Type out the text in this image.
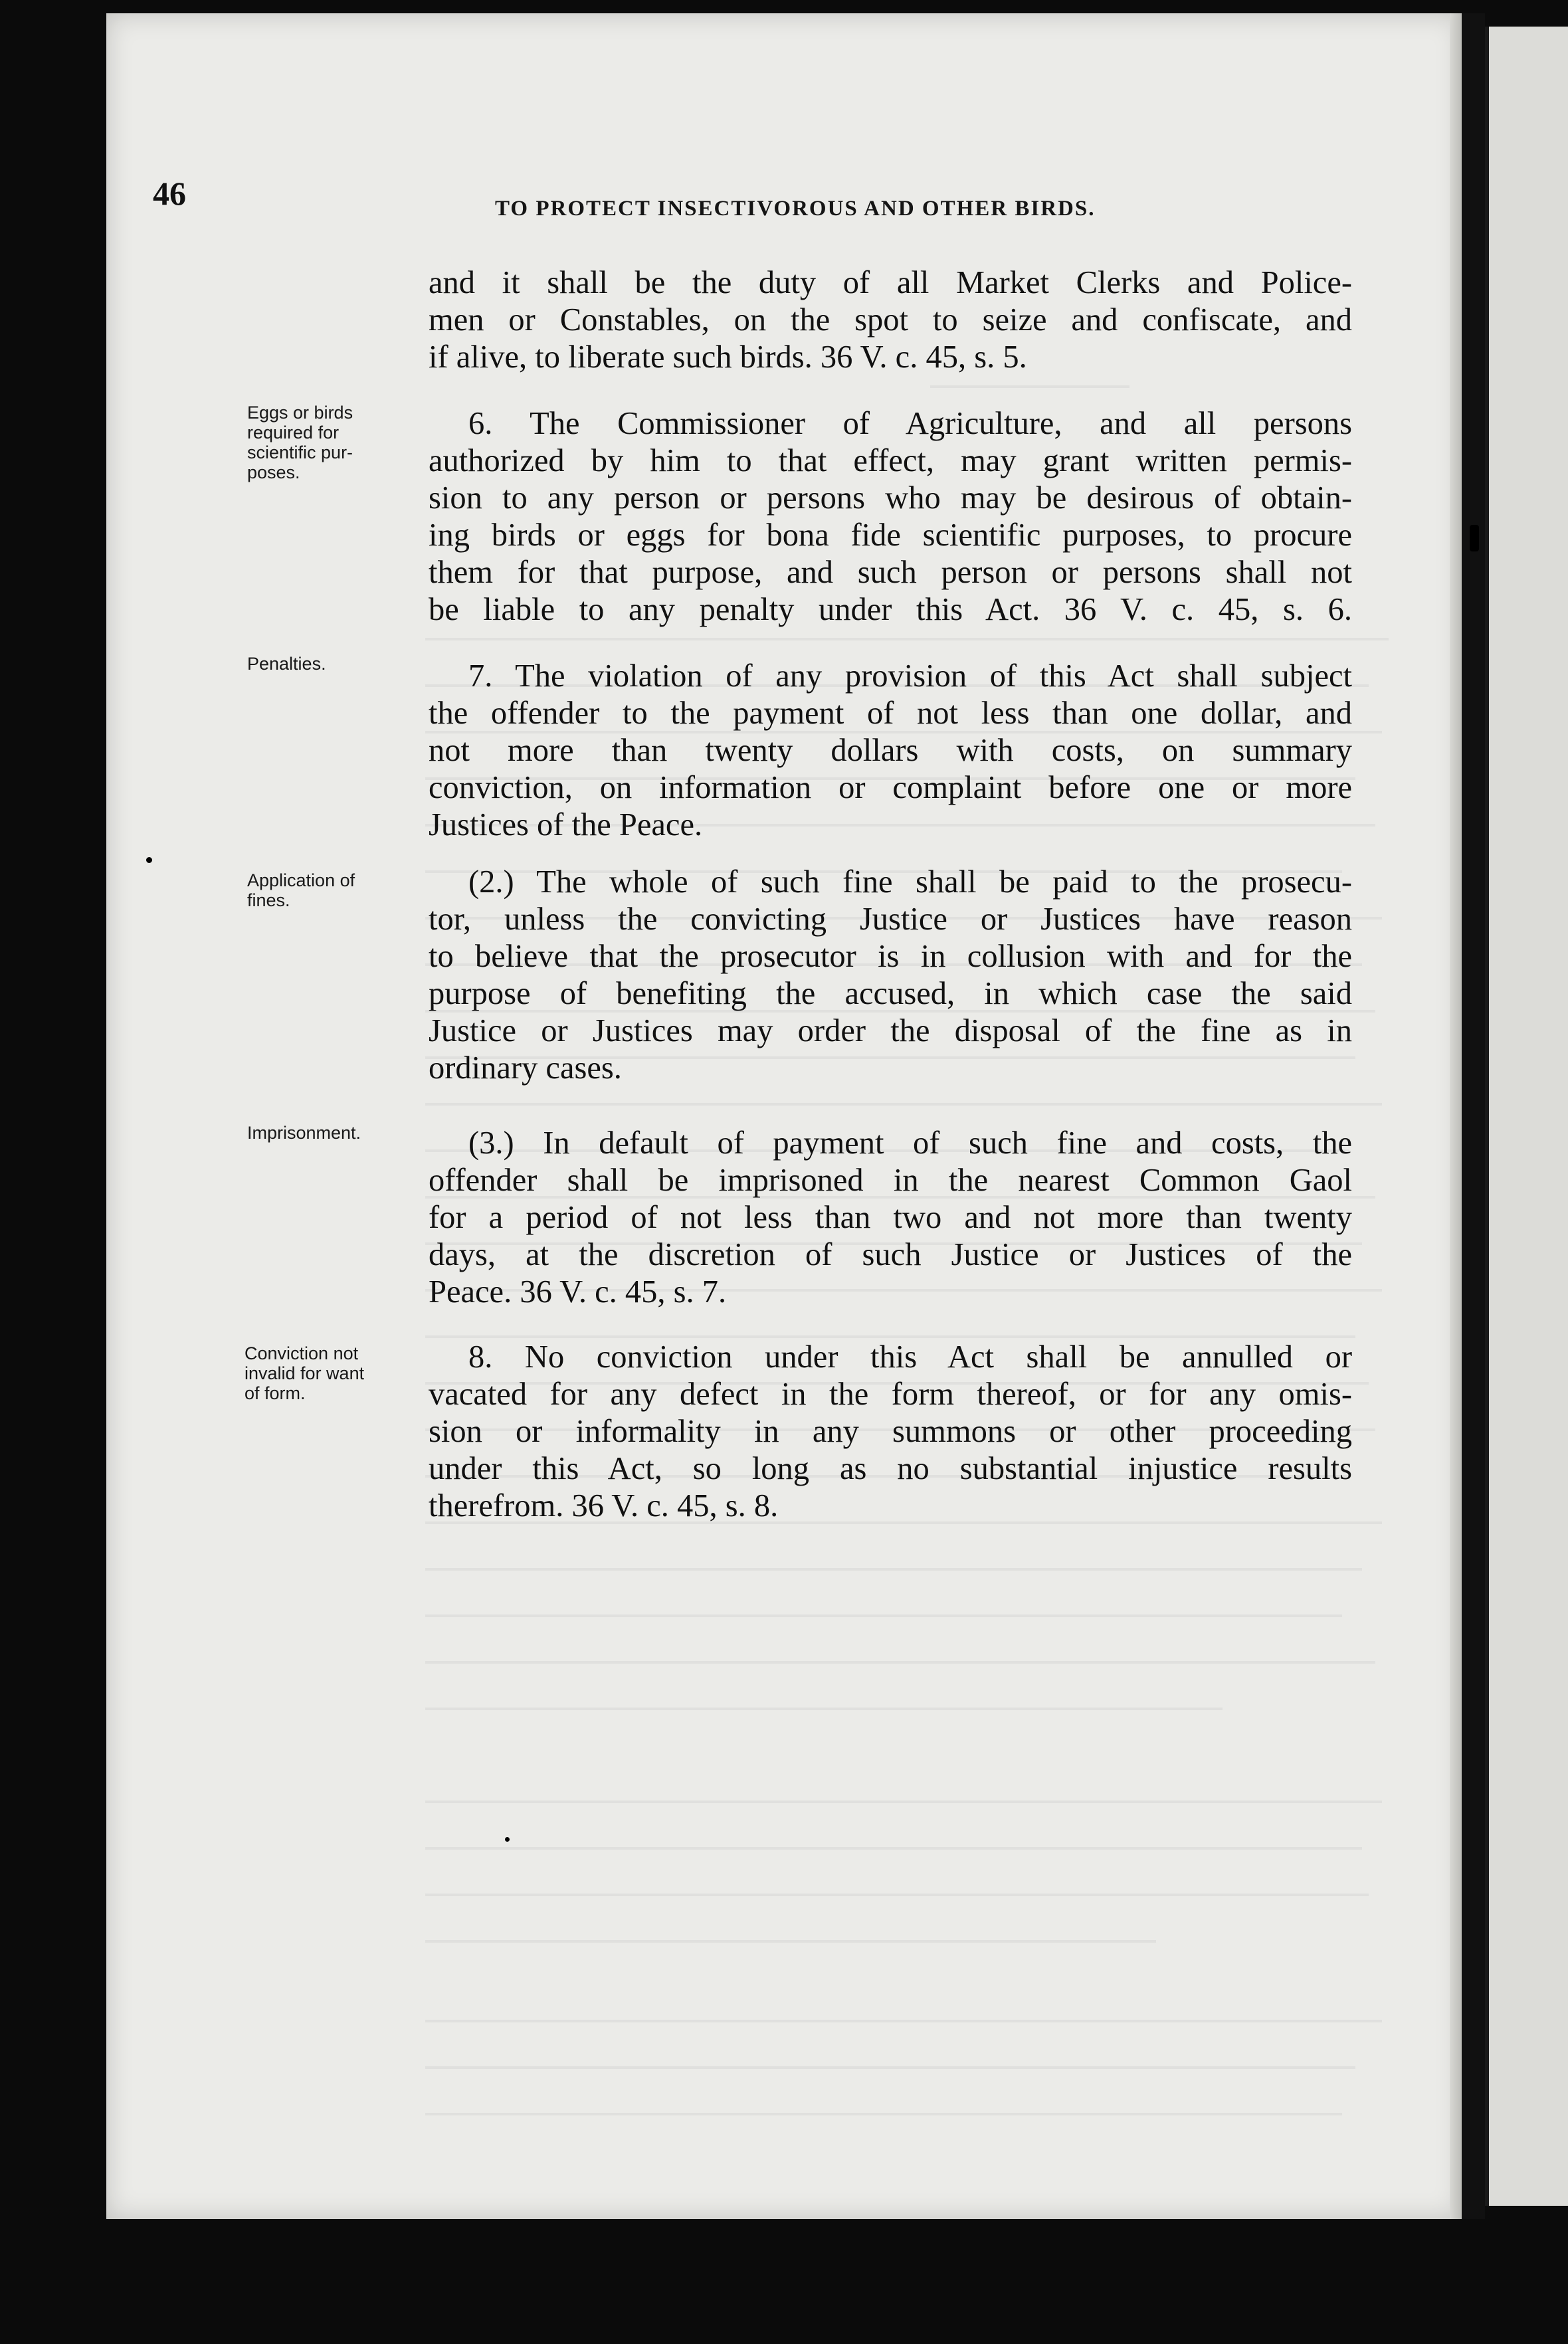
46	TO PROTECT INSECTIVOROUS AND OTHER BIRDS.
and it shall be the duty of all Market Clerks and Police-
men or Constables, on the spot to seize and confiscate, and
if alive, to liberate such birds. 36 V. c. 45, s. 5.
Eggs or birds
required for
scientific pur-
poses.
6. The Commissioner of Agriculture, and all persons
authorized by him to that effect, may grant written permis-
sion to any person or persons who may be desirous of obtain-
ing birds or eggs for bona fide scientific purposes, to procure
them for that purpose, and such person or persons shall not
be liable to any penalty under this Act. 36 V. c. 45, s. 6.
Penalties.	7. The violation of any provision of this Act shall subject
the offender to the payment of not less than one dollar, and
not more than twenty dollars with costs, on summary
conviction, on information or complaint before one or more
Justices of the Peace.
Application of
fines.
(2.) The whole of such fine shall be paid to the prosecu-
tor, unless the convicting Justice or Justices have reason
to believe that the prosecutor is in collusion with and for the
purpose of benefiting the accused, in which case the said
Justice or Justices may order the disposal of the fine as in
ordinary cases.
Imprisonment.	(3.) In default of payment of such fine and costs, the
offender shall be imprisoned in the nearest Common Gaol
for a period of not less than two and not more than twenty
days, at the discretion of such Justice or Justices of the
Peace. 36 V. c. 45, s. 7.
Conviction not
invalid for want
of form.
8. No conviction under this Act shall be annulled or
vacated for any defect in the form thereof, or for any omis-
sion or informality in any summons or other proceeding
under this Act, so long as no substantial injustice results
therefrom. 36 V. c. 45, s. 8.
